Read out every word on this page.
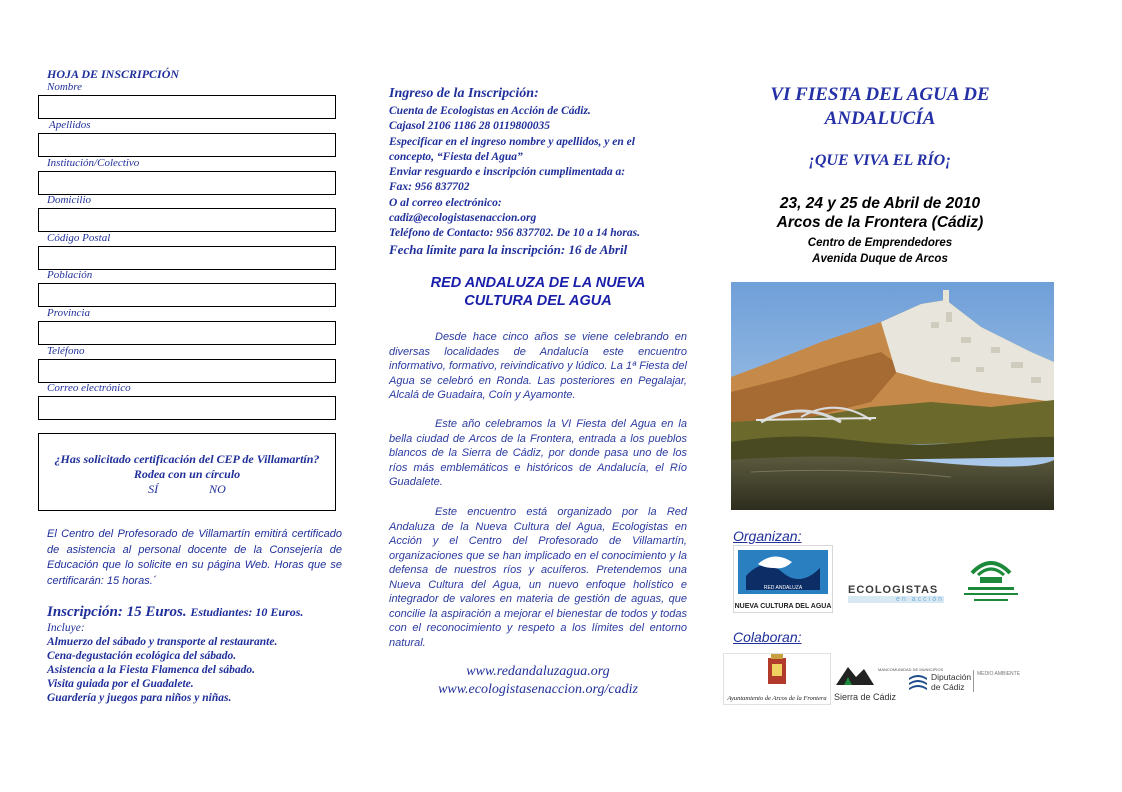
HOJA DE INSCRIPCIÓN
Nombre
Apellidos
Institución/Colectivo
Domicilio
Código Postal
Población
Provincia
Teléfono
Correo electrónico
¿Has solicitado certificación del CEP de Villamartín? Rodea con un círculo
SÍ	NO
El Centro del Profesorado de Villamartín emitirá certificado de asistencia al personal docente de la Consejería de Educación que lo solicite en su página Web. Horas que se certificarán: 15 horas.´
Inscripción: 15 Euros. Estudiantes: 10 Euros.
Incluye:
Almuerzo del sábado y transporte al restaurante.
Cena-degustación ecológica del sábado.
Asistencia a la Fiesta Flamenca del sábado.
Visita guiada por el Guadalete.
Guardería y juegos para niños y niñas.
Ingreso de la Inscripción:
Cuenta de Ecologistas en Acción de Cádiz.
Cajasol 2106 1186 28 0119800035
Especificar en el ingreso nombre y apellidos, y en el
concepto, “Fiesta del Agua”
Enviar resguardo e inscripción cumplimentada a:
Fax: 956 837702
O al correo electrónico:
cadiz@ecologistasenaccion.org
Teléfono de Contacto: 956 837702. De 10 a 14 horas.
Fecha límite para la inscripción: 16 de Abril
RED ANDALUZA DE LA NUEVA
CULTURA DEL AGUA
Desde hace cinco años se viene celebrando en diversas localidades de Andalucía este encuentro informativo, formativo, reivindicativo y lúdico. La 1ª Fiesta del Agua se celebró en Ronda. Las posteriores en Pegalajar, Alcalá de Guadaira, Coín y Ayamonte.
Este año celebramos la VI Fiesta del Agua en la bella ciudad de Arcos de la Frontera, entrada a los pueblos blancos de la Sierra de Cádiz, por donde pasa uno de los ríos más emblemáticos e históricos de Andalucía, el Río Guadalete.
Este encuentro está organizado por la Red Andaluza de la Nueva Cultura del Agua, Ecologistas en Acción y el Centro del Profesorado de Villamartín, organizaciones que se han implicado en el conocimiento y la defensa de nuestros ríos y acuíferos. Pretendemos una Nueva Cultura del Agua, un nuevo enfoque holístico e integrador de valores en materia de gestión de aguas, que concilie la aspiración a mejorar el bienestar de todos y todas con el reconocimiento y respeto a los límites del entorno natural.
www.redandaluzagua.org
www.ecologistasenaccion.org/cadiz
VI FIESTA DEL AGUA DE
ANDALUCÍA
¡QUE VIVA EL RÍO¡
23, 24 y 25 de Abril de 2010
Arcos de la Frontera (Cádiz)
Centro de Emprendedores
Avenida Duque de Arcos
Organizan:
RED ANDALUZA
NUEVA CULTURA DEL AGUA
ECOLOGISTAS
en acción
Colaboran:
Ayuntamiento de Arcos de la Frontera
MANCOMUNIDAD DE MUNICIPIOS
Sierra de Cádiz
Diputación
de Cádiz
MEDIO AMBIENTE
